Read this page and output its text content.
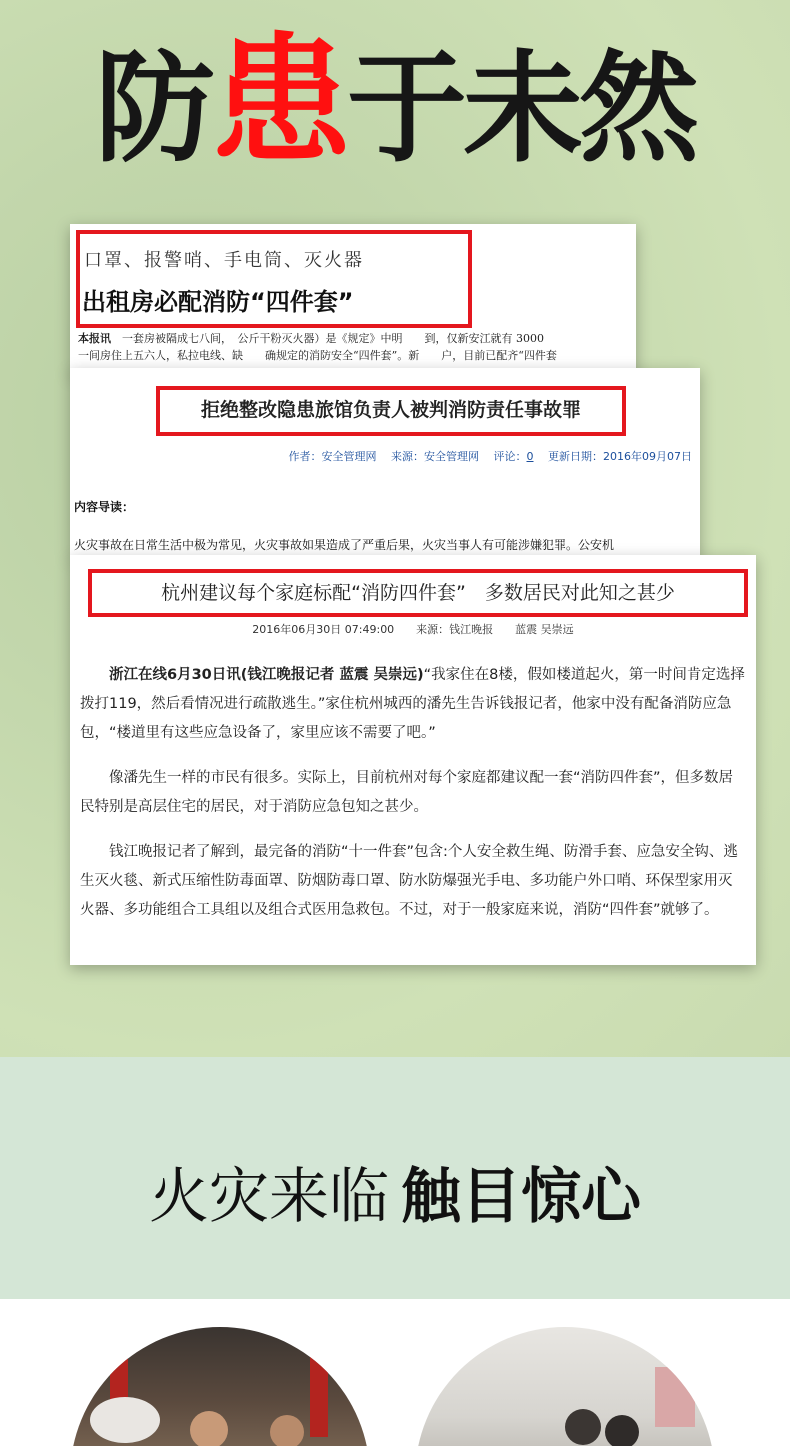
防患于未然
口罩、报警哨、手电筒、灭火器
出租房必配消防“四件套”
本报讯　 一套房被隔成七八间，　公斤干粉灭火器）是《规定》中明　　到，仅新安江就有 3000
一间房住上五六人，私拉电线、缺　　确规定的消防安全“四件套”。新　　户，目前已配齐“四件套
拒绝整改隐患旅馆负责人被判消防责任事故罪
作者：安全管理网　 来源：安全管理网　 评论：0　 更新日期：2016年09月07日
内容导读：
火灾事故在日常生活中极为常见，火灾事故如果造成了严重后果，火灾当事人有可能涉嫌犯罪。公安机
杭州建议每个家庭标配“消防四件套”　多数居民对此知之甚少
2016年06月30日 07:49:00　　来源：钱江晚报　　蓝震 吴崇远

浙江在线6月30日讯(钱江晚报记者 蓝震 吴崇远)“我家住在8楼，假如楼道起火，第一时间肯定选择拨打119，然后看情况进行疏散逃生。”家住杭州城西的潘先生告诉钱报记者，他家中没有配备消防应急包，“楼道里有这些应急设备了，家里应该不需要了吧。”

像潘先生一样的市民有很多。实际上，目前杭州对每个家庭都建议配一套“消防四件套”，但多数居民特别是高层住宅的居民，对于消防应急包知之甚少。

钱江晚报记者了解到，最完备的消防“十一件套”包含:个人安全救生绳、防滑手套、应急安全钩、逃生灭火毯、新式压缩性防毒面罩、防烟防毒口罩、防水防爆强光手电、多功能户外口哨、环保型家用灭火器、多功能组合工具组以及组合式医用急救包。不过，对于一般家庭来说，消防“四件套”就够了。

火灾来临 触目惊心
